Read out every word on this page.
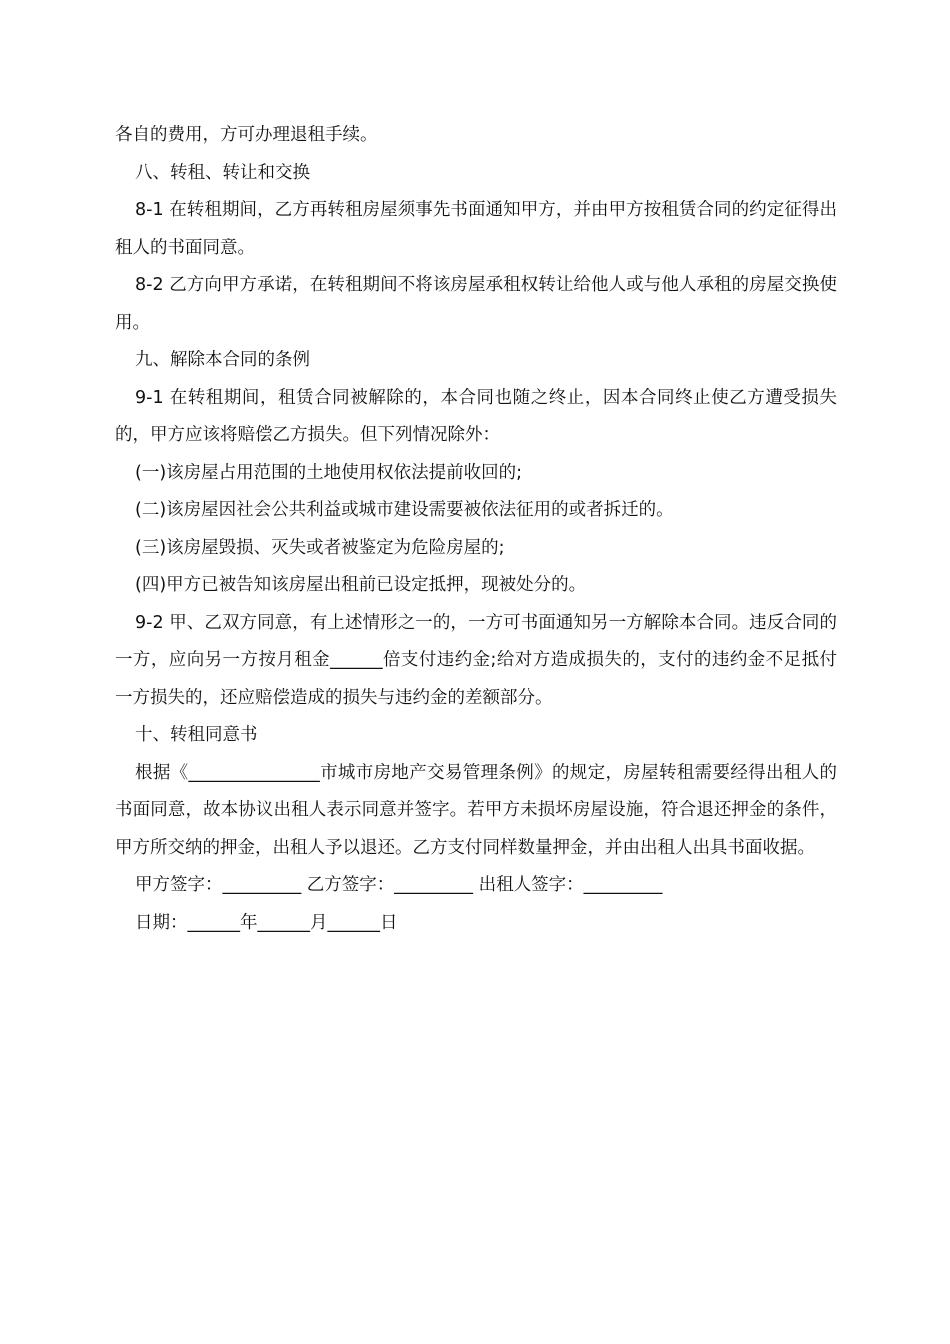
各自的费用，方可办理退租手续。

八、转租、转让和交换

8-1 在转租期间，乙方再转租房屋须事先书面通知甲方，并由甲方按租赁合同的约定征得出租人的书面同意。

8-2 乙方向甲方承诺，在转租期间不将该房屋承租权转让给他人或与他人承租的房屋交换使用。

九、解除本合同的条例

9-1 在转租期间，租赁合同被解除的，本合同也随之终止，因本合同终止使乙方遭受损失的，甲方应该将赔偿乙方损失。但下列情况除外：

(一)该房屋占用范围的土地使用权依法提前收回的;

(二)该房屋因社会公共利益或城市建设需要被依法征用的或者拆迁的。

(三)该房屋毁损、灭失或者被鉴定为危险房屋的;

(四)甲方已被告知该房屋出租前已设定抵押，现被处分的。

9-2 甲、乙双方同意，有上述情形之一的，一方可书面通知另一方解除本合同。违反合同的一方，应向另一方按月租金______倍支付违约金;给对方造成损失的，支付的违约金不足抵付一方损失的，还应赔偿造成的损失与违约金的差额部分。

十、转租同意书

根据《_______________市城市房地产交易管理条例》的规定，房屋转租需要经得出租人的书面同意，故本协议出租人表示同意并签字。若甲方未损坏房屋设施，符合退还押金的条件，甲方所交纳的押金，出租人予以退还。乙方支付同样数量押金，并由出租人出具书面收据。

甲方签字：_________ 乙方签字：_________ 出租人签字：_________

日期：______年______月______日
